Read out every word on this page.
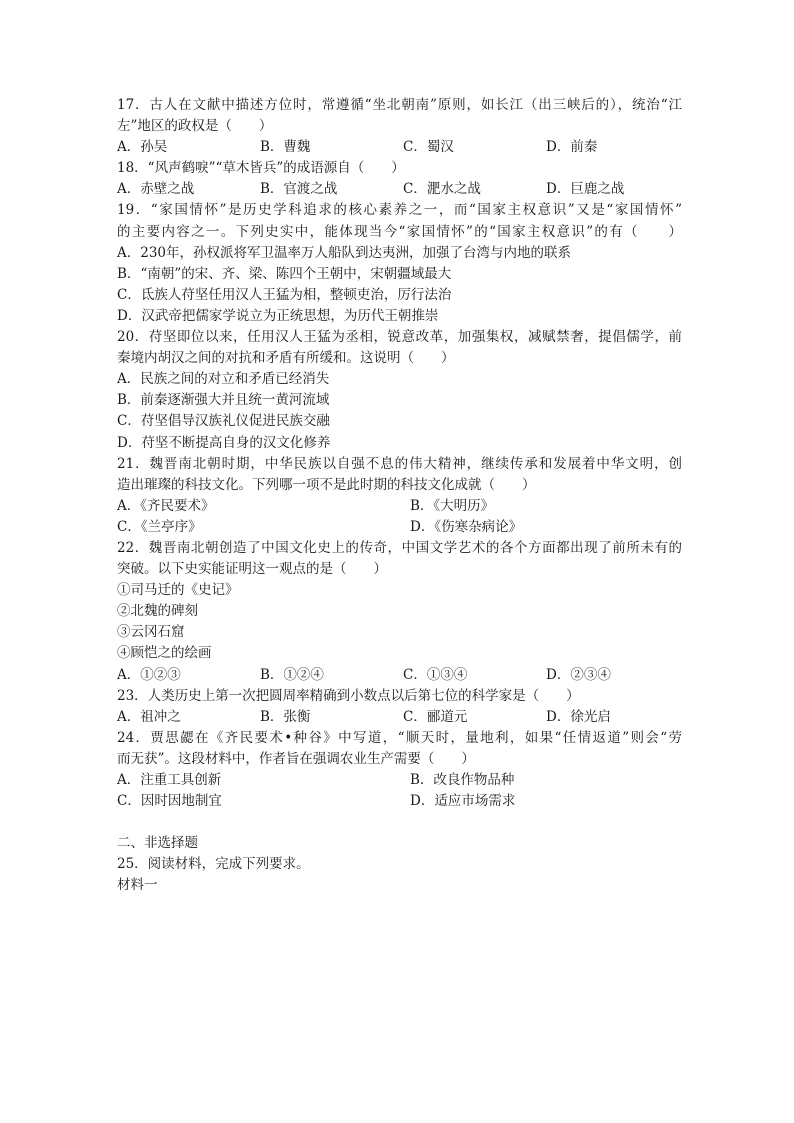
17．古人在文献中描述方位时，常遵循“坐北朝南”原则，如长江（出三峡后的），统治“江
左”地区的政权是（　　）
A．孙吴	B．曹魏	C．蜀汉	D．前秦
18．“风声鹤唳”“草木皆兵”的成语源自（　　）
A．赤壁之战	B．官渡之战	C．淝水之战	D．巨鹿之战
19．“家国情怀”是历史学科追求的核心素养之一，而“国家主权意识”又是“家国情怀”
的主要内容之一。下列史实中，能体现当今“家国情怀”的“国家主权意识”的有（　　）
A．230年，孙权派将军卫温率万人船队到达夷洲，加强了台湾与内地的联系
B．“南朝”的宋、齐、梁、陈四个王朝中，宋朝疆域最大
C．氐族人苻坚任用汉人王猛为相，整顿吏治，厉行法治
D．汉武帝把儒家学说立为正统思想，为历代王朝推崇
20．苻坚即位以来，任用汉人王猛为丞相，锐意改革，加强集权，减赋禁奢，提倡儒学，前
秦境内胡汉之间的对抗和矛盾有所缓和。这说明（　　）
A．民族之间的对立和矛盾已经消失
B．前秦逐渐强大并且统一黄河流域
C．苻坚倡导汉族礼仪促进民族交融
D．苻坚不断提高自身的汉文化修养
21．魏晋南北朝时期，中华民族以自强不息的伟大精神，继续传承和发展着中华文明，创
造出璀璨的科技文化。下列哪一项不是此时期的科技文化成就（　　）
A．《齐民要术》	B．《大明历》
C．《兰亭序》	D．《伤寒杂病论》
22．魏晋南北朝创造了中国文化史上的传奇，中国文学艺术的各个方面都出现了前所未有的
突破。以下史实能证明这一观点的是（　　）
①司马迁的《史记》
②北魏的碑刻
③云冈石窟
④顾恺之的绘画
A．①②③	B．①②④	C．①③④	D．②③④
23．人类历史上第一次把圆周率精确到小数点以后第七位的科学家是（　　）
A．祖冲之	B．张衡	C．郦道元	D．徐光启
24．贾思勰在《齐民要术•种谷》中写道，“顺天时，量地利，如果“任情返道”则会“劳
而无获”。这段材料中，作者旨在强调农业生产需要（　　）
A．注重工具创新	B．改良作物品种
C．因时因地制宜	D．适应市场需求
二、非选择题
25．阅读材料，完成下列要求。
材料一
